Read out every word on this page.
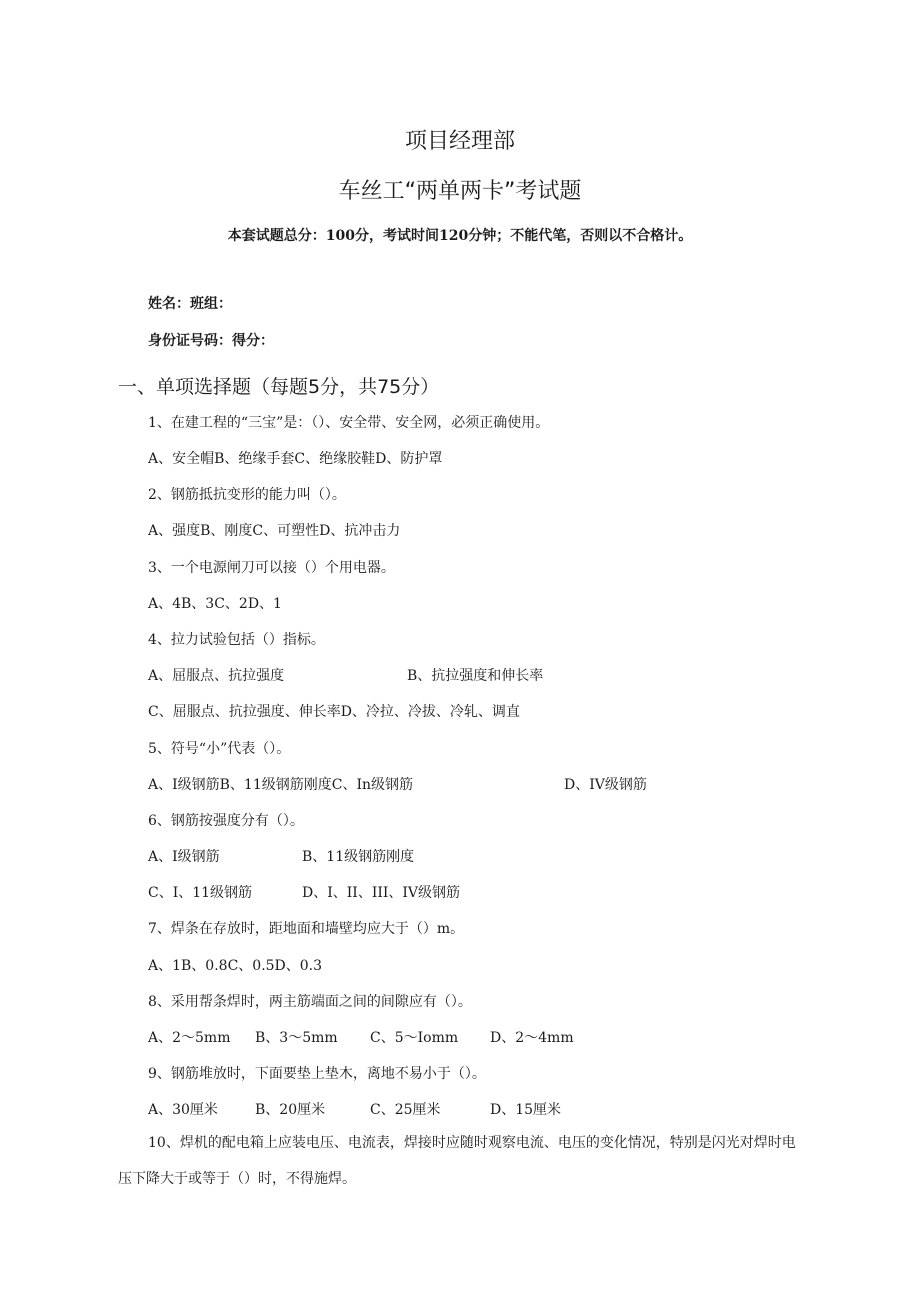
项目经理部
车丝工“两单两卡”考试题
本套试题总分：100分，考试时间120分钟；不能代笔，否则以不合格计。
姓名：班组：
身份证号码：得分：
一、单项选择题（每题5分，共75分）
1、在建工程的“三宝”是：（）、安全带、安全网，必须正确使用。
A、安全帽B、绝缘手套C、绝缘胶鞋D、防护罩
2、钢筋抵抗变形的能力叫（）。
A、强度B、刚度C、可塑性D、抗冲击力
3、一个电源闸刀可以接（）个用电器。
A、4B、3C、2D、1
4、拉力试验包括（）指标。
A、屈服点、抗拉强度	B、抗拉强度和伸长率
C、屈服点、抗拉强度、伸长率D、冷拉、冷拔、冷轧、调直
5、符号“小”代表（）。
A、I级钢筋B、11级钢筋刚度C、In级钢筋	D、IV级钢筋
6、钢筋按强度分有（）。
A、I级钢筋	B、11级钢筋刚度
C、I、11级钢筋	D、I、II、III、IV级钢筋
7、焊条在存放时，距地面和墙壁均应大于（）m。
A、1B、0.8C、0.5D、0.3
8、采用帮条焊时，两主筋端面之间的间隙应有（）。
A、2～5mm B、3～5mm C、5～Iomm D、2～4mm
9、钢筋堆放时，下面要垫上垫木，离地不易小于（）。
A、30厘米	B、20厘米	C、25厘米	D、15厘米
10、焊机的配电箱上应装电压、电流表，焊接时应随时观察电流、电压的变化情况，特别是闪光对焊时电压下降大于或等于（）时，不得施焊。
